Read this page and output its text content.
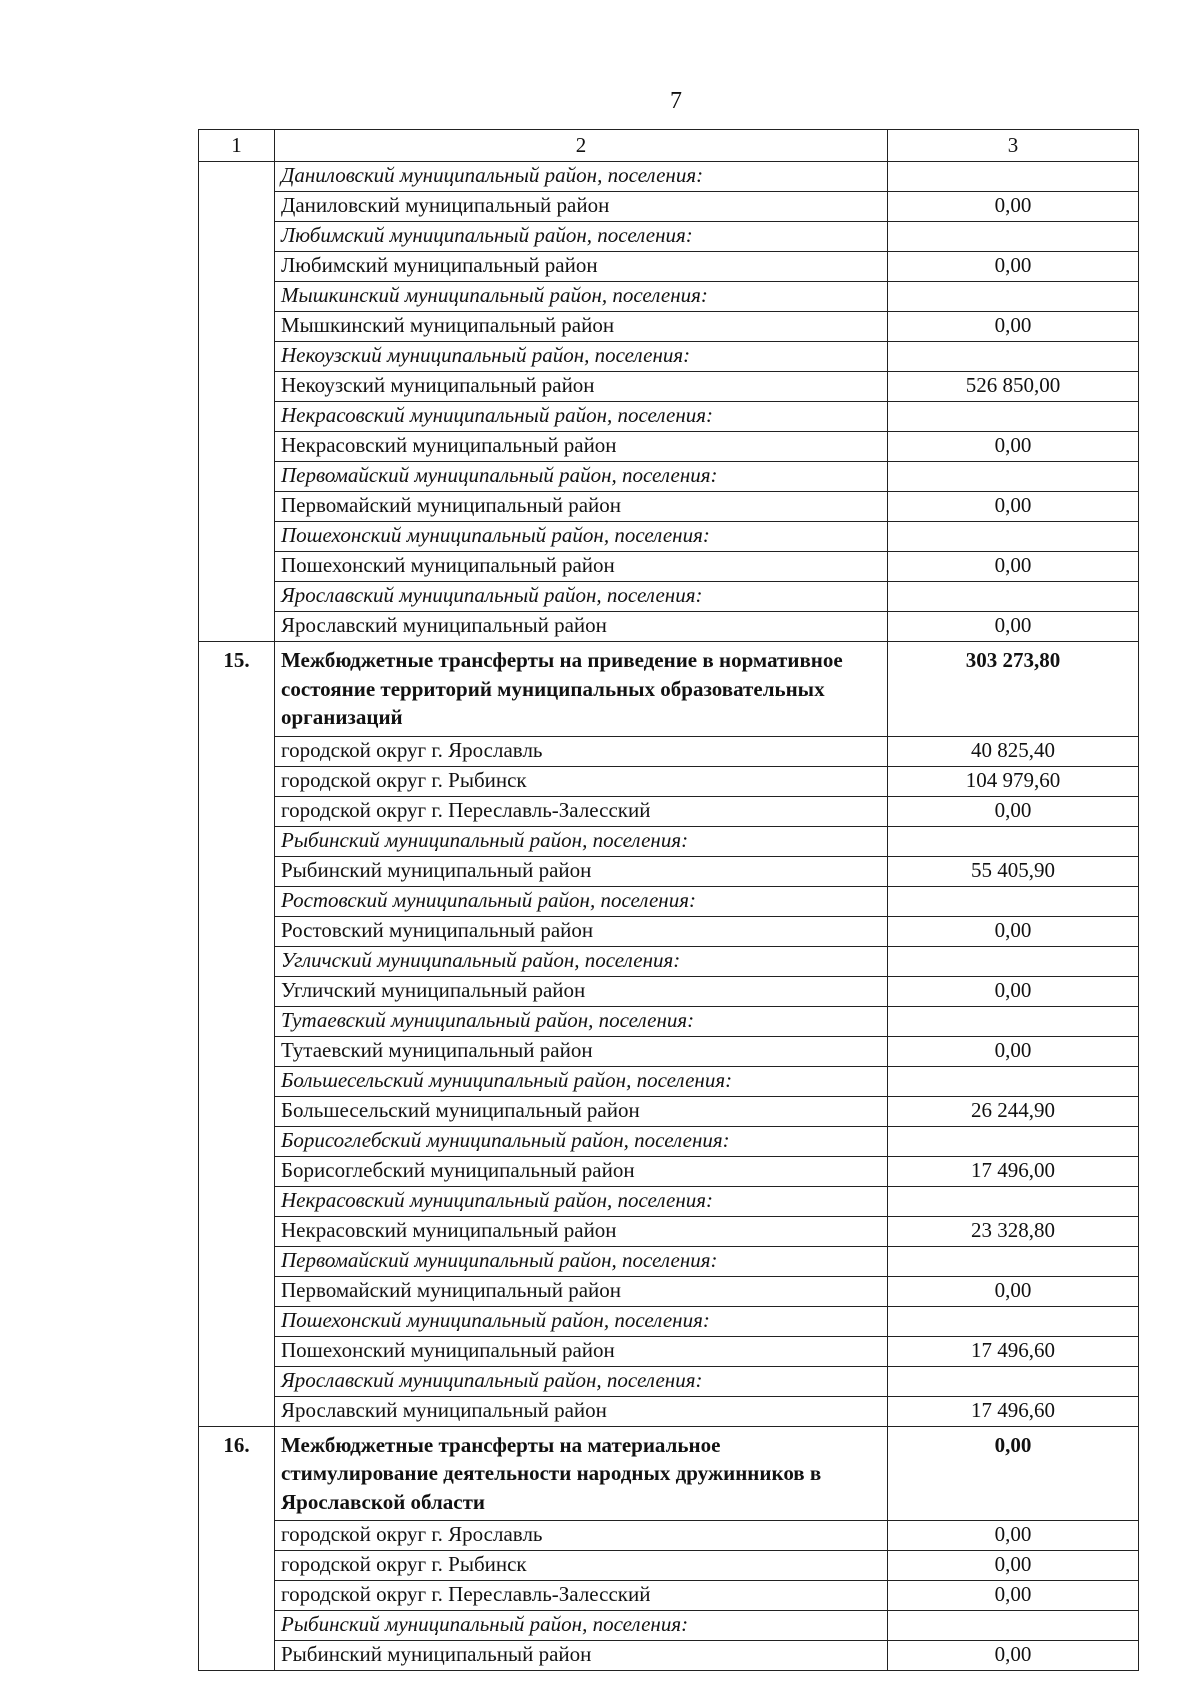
7
1	2	3
	Даниловский муниципальный район, поселения:	
	Даниловский муниципальный район	0,00
	Любимский муниципальный район, поселения:	
	Любимский муниципальный район	0,00
	Мышкинский муниципальный район, поселения:	
	Мышкинский муниципальный район	0,00
	Некоузский муниципальный район, поселения:	
	Некоузский муниципальный район	526 850,00
	Некрасовский муниципальный район, поселения:	
	Некрасовский муниципальный район	0,00
	Первомайский муниципальный район, поселения:	
	Первомайский муниципальный район	0,00
	Пошехонский муниципальный район, поселения:	
	Пошехонский муниципальный район	0,00
	Ярославский муниципальный район, поселения:	
	Ярославский муниципальный район	0,00
15.	Межбюджетные трансферты на приведение в нормативное состояние территорий муниципальных образовательных организаций	303 273,80
	городской округ г. Ярославль	40 825,40
	городской округ г. Рыбинск	104 979,60
	городской округ г. Переславль-Залесский	0,00
	Рыбинский муниципальный район, поселения:	
	Рыбинский муниципальный район	55 405,90
	Ростовский муниципальный район, поселения:	
	Ростовский муниципальный район	0,00
	Угличский муниципальный район, поселения:	
	Угличский муниципальный район	0,00
	Тутаевский муниципальный район, поселения:	
	Тутаевский муниципальный район	0,00
	Большесельский муниципальный район, поселения:	
	Большесельский муниципальный район	26 244,90
	Борисоглебский муниципальный район, поселения:	
	Борисоглебский муниципальный район	17 496,00
	Некрасовский муниципальный район, поселения:	
	Некрасовский муниципальный район	23 328,80
	Первомайский муниципальный район, поселения:	
	Первомайский муниципальный район	0,00
	Пошехонский муниципальный район, поселения:	
	Пошехонский муниципальный район	17 496,60
	Ярославский муниципальный район, поселения:	
	Ярославский муниципальный район	17 496,60
16.	Межбюджетные трансферты на материальное стимулирование деятельности народных дружинников в Ярославской области	0,00
	городской округ г. Ярославль	0,00
	городской округ г. Рыбинск	0,00
	городской округ г. Переславль-Залесский	0,00
	Рыбинский муниципальный район, поселения:	
	Рыбинский муниципальный район	0,00
